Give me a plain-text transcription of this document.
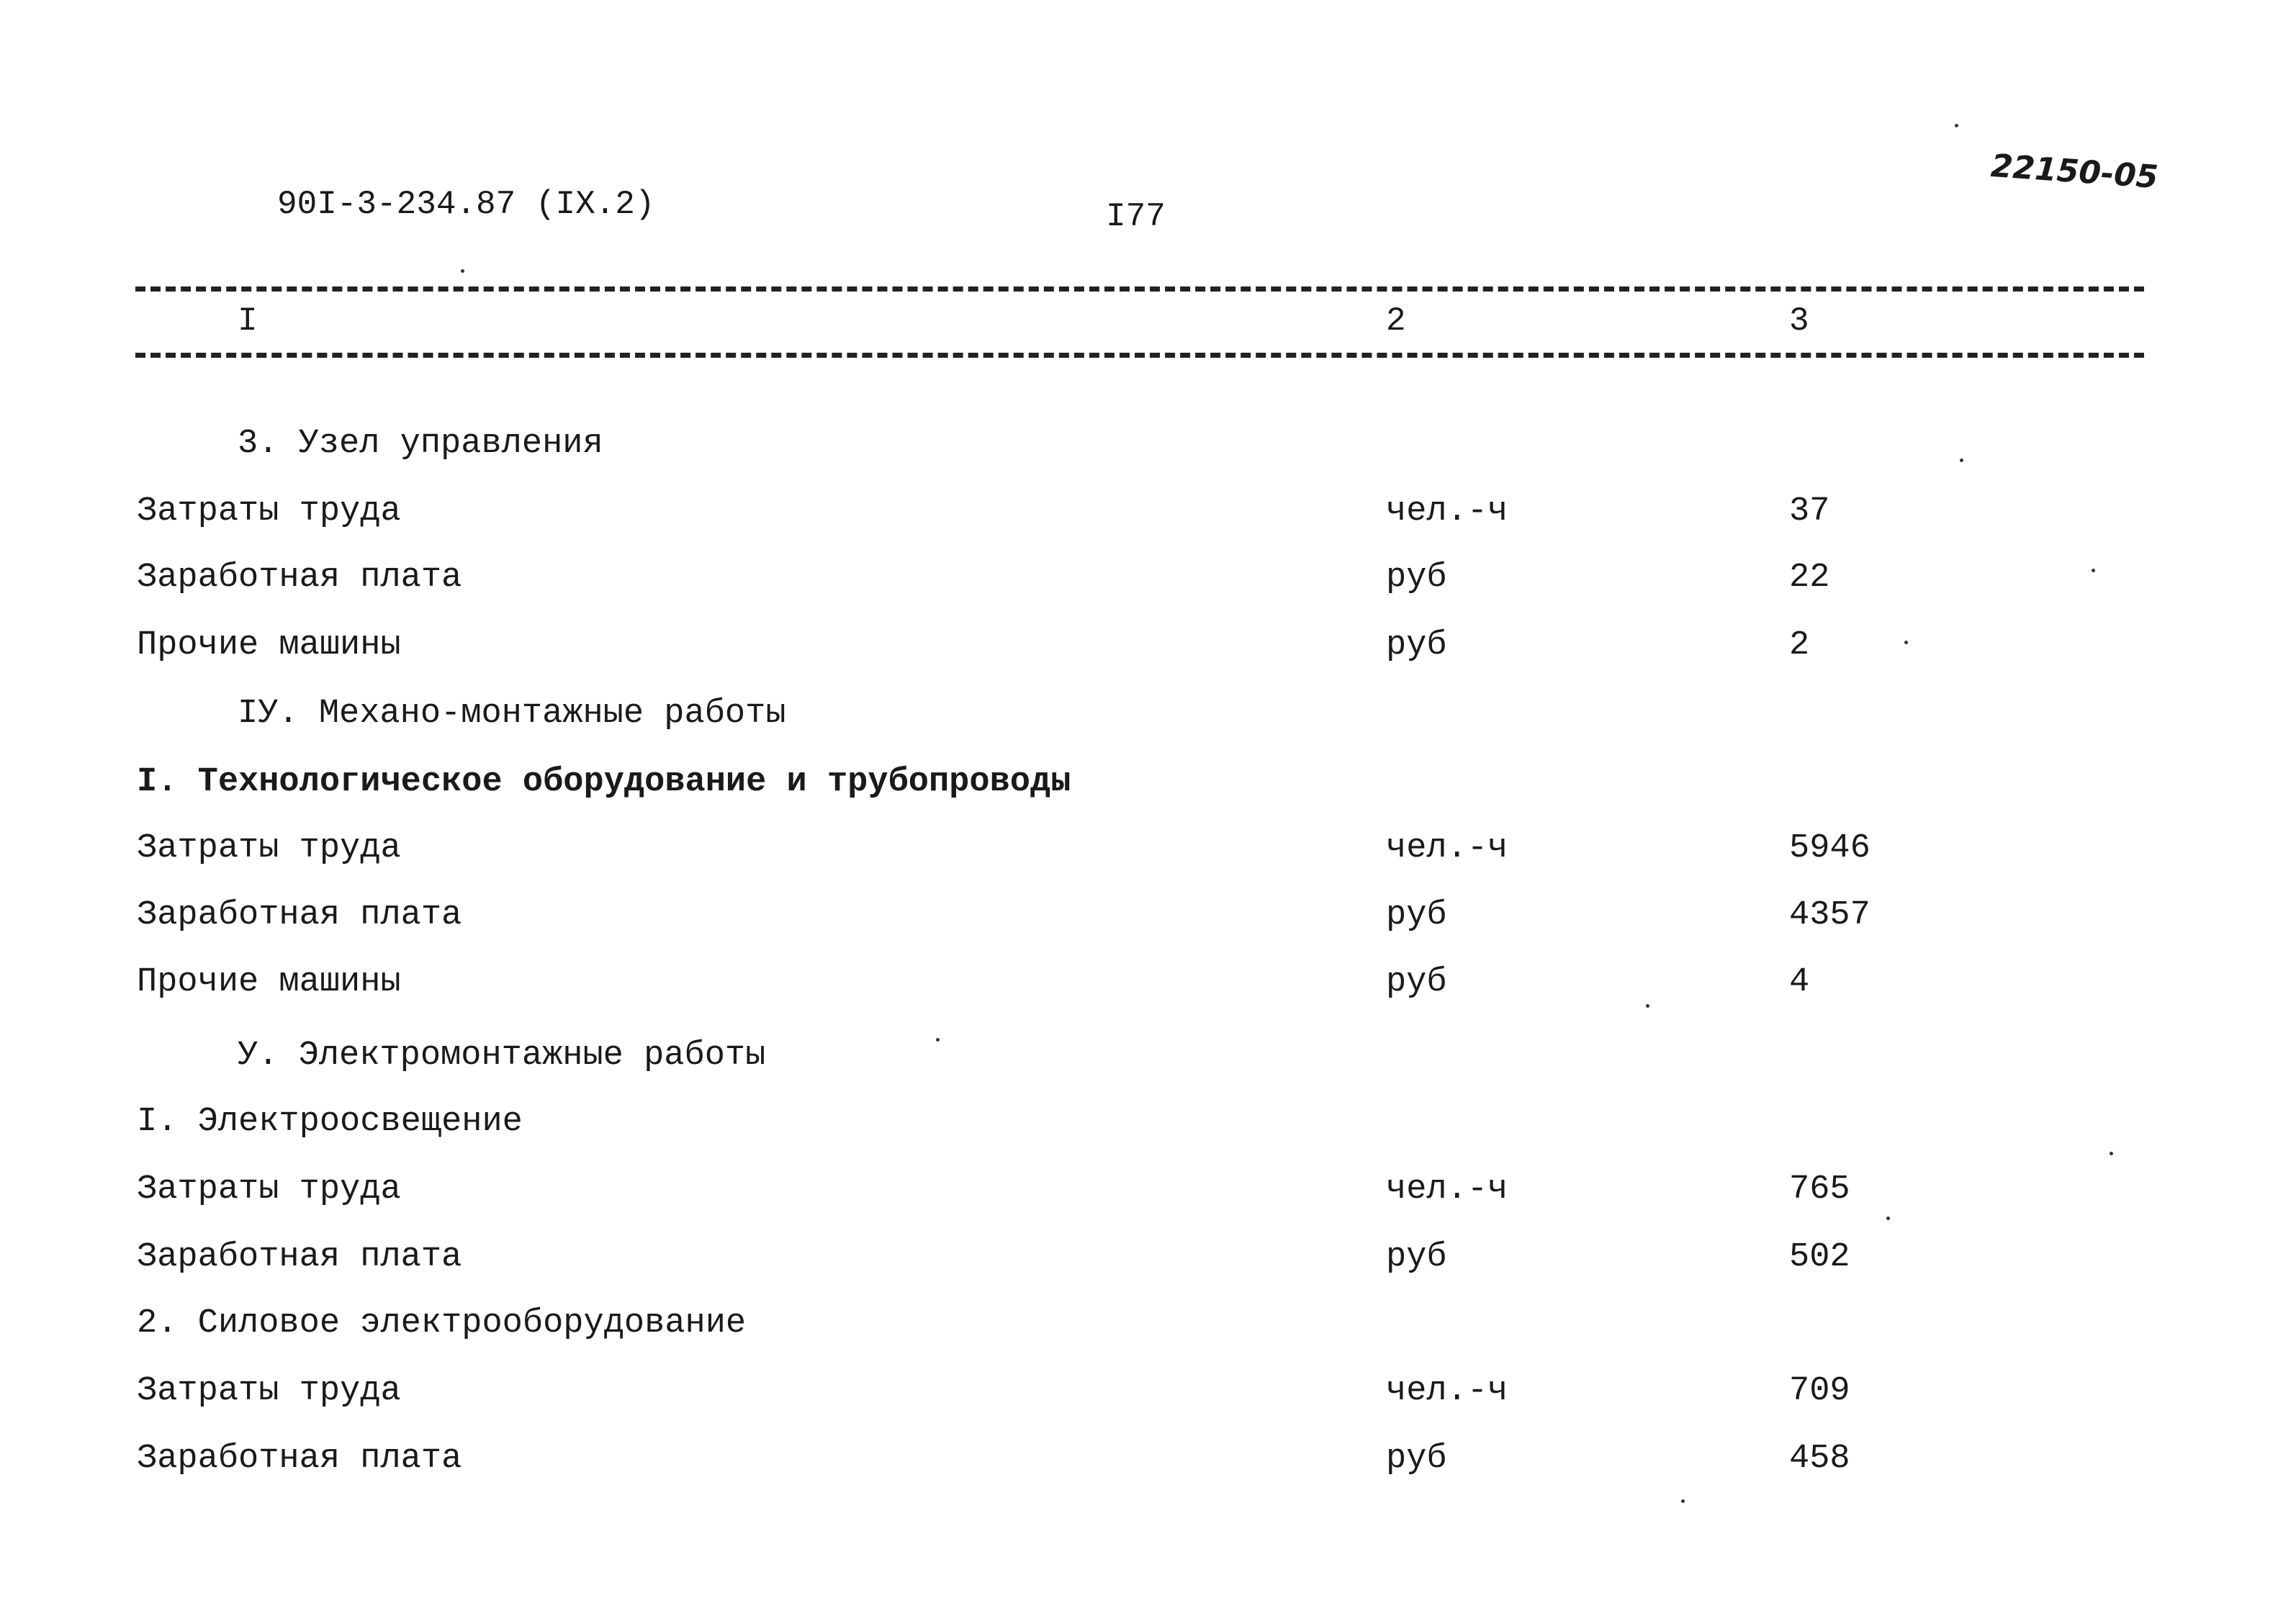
90I-3-234.87 (IX.2)	I77
22150-05
I	2	3
3. Узел управления
Затраты труда	чел.-ч	37
Заработная плата	руб	22
Прочие машины	руб	2
IУ. Механо-монтажные работы
I. Технологическое оборудование и трубопроводы
Затраты труда	чел.-ч	5946
Заработная плата	руб	4357
Прочие машины	руб	4
У. Электромонтажные работы
I. Электроосвещение
Затраты труда	чел.-ч	765
Заработная плата	руб	502
2. Силовое электрооборудование
Затраты труда	чел.-ч	709
Заработная плата	руб	458
